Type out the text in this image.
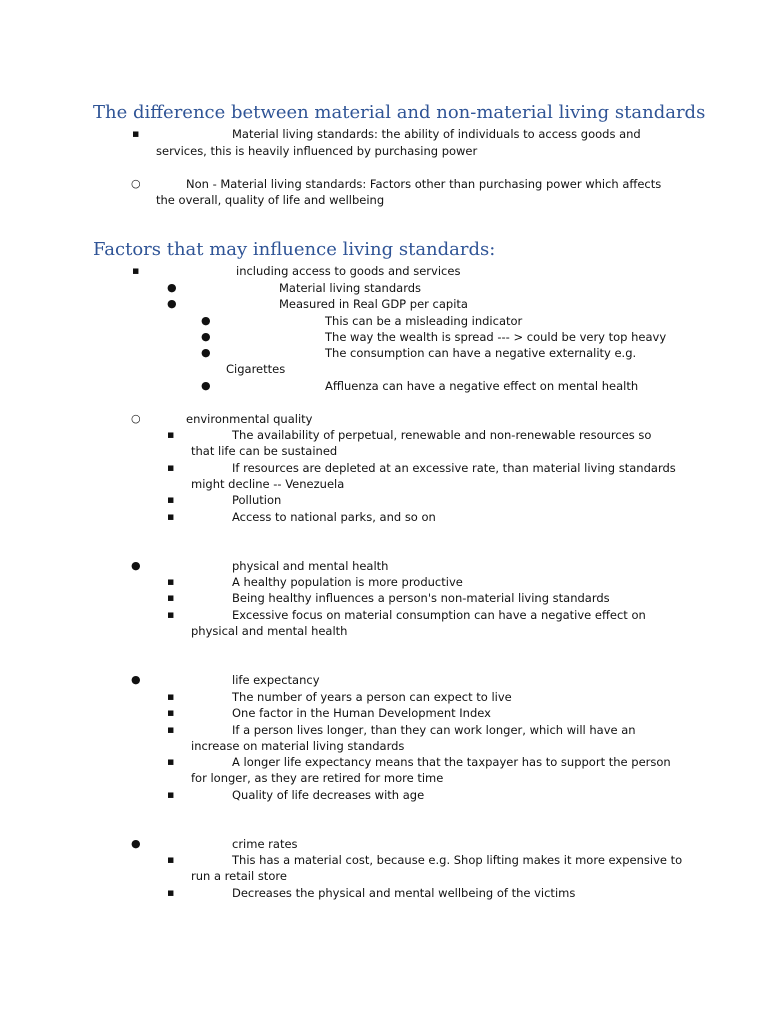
The difference between material and non-material living standards
▪	Material living standards: the ability of individuals to access goods and
services, this is heavily influenced by purchasing power
○	Non - Material living standards: Factors other than purchasing power which affects
the overall, quality of life and wellbeing
Factors that may influence living standards:
▪	including access to goods and services
●	Material living standards
●	Measured in Real GDP per capita
●	This can be a misleading indicator
●	The way the wealth is spread --- > could be very top heavy
●	The consumption can have a negative externality e.g.
Cigarettes
●	Affluenza can have a negative effect on mental health
○	environmental quality
▪	The availability of perpetual, renewable and non-renewable resources so
that life can be sustained
▪	If resources are depleted at an excessive rate, than material living standards
might decline -- Venezuela
▪	Pollution
▪	Access to national parks, and so on
●	physical and mental health
▪	A healthy population is more productive
▪	Being healthy influences a person's non-material living standards
▪	Excessive focus on material consumption can have a negative effect on
physical and mental health
●	life expectancy
▪	The number of years a person can expect to live
▪	One factor in the Human Development Index
▪	If a person lives longer, than they can work longer, which will have an
increase on material living standards
▪	A longer life expectancy means that the taxpayer has to support the person
for longer, as they are retired for more time
▪	Quality of life decreases with age
●	crime rates
▪	This has a material cost, because e.g. Shop lifting makes it more expensive to
run a retail store
▪	Decreases the physical and mental wellbeing of the victims
